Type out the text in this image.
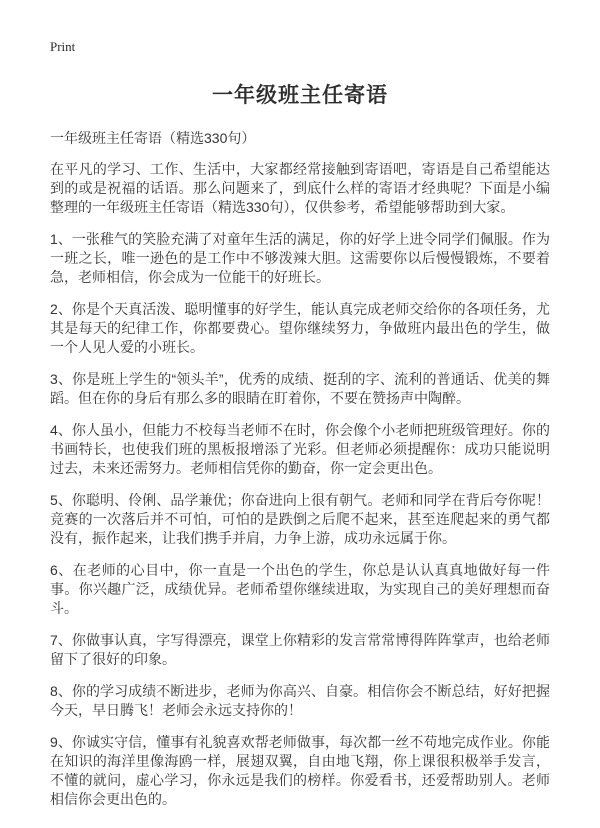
Print
一年级班主任寄语

一年级班主任寄语（精选330句）

在平凡的学习、工作、生活中，大家都经常接触到寄语吧，寄语是自己希望能达到的或是祝福的话语。那么问题来了，到底什么样的寄语才经典呢？下面是小编整理的一年级班主任寄语（精选330句），仅供参考，希望能够帮助到大家。

1、一张稚气的笑脸充满了对童年生活的满足，你的好学上进令同学们佩服。作为一班之长，唯一逊色的是工作中不够泼辣大胆。这需要你以后慢慢锻炼，不要着急，老师相信，你会成为一位能干的好班长。

2、你是个天真活泼、聪明懂事的好学生，能认真完成老师交给你的各项任务，尤其是每天的纪律工作，你都要费心。望你继续努力，争做班内最出色的学生，做一个人见人爱的小班长。

3、你是班上学生的“领头羊”，优秀的成绩、挺刮的字、流利的普通话、优美的舞蹈。但在你的身后有那么多的眼睛在盯着你，不要在赞扬声中陶醉。

4、你人虽小，但能力不校每当老师不在时，你会像个小老师把班级管理好。你的书画特长，也使我们班的黑板报增添了光彩。但老师必须提醒你：成功只能说明过去，未来还需努力。老师相信凭你的勤奋，你一定会更出色。

5、你聪明、伶俐、品学兼优；你奋进向上很有朝气。老师和同学在背后夸你呢！竞赛的一次落后并不可怕，可怕的是跌倒之后爬不起来，甚至连爬起来的勇气都没有，振作起来，让我们携手并肩，力争上游，成功永远属于你。

6、在老师的心目中，你一直是一个出色的学生，你总是认认真真地做好每一件事。你兴趣广泛，成绩优异。老师希望你继续进取，为实现自己的美好理想而奋斗。

7、你做事认真，字写得漂亮，课堂上你精彩的发言常常博得阵阵掌声，也给老师留下了很好的印象。

8、你的学习成绩不断进步，老师为你高兴、自豪。相信你会不断总结，好好把握今天，早日腾飞！老师会永远支持你的！

9、你诚实守信，懂事有礼貌喜欢帮老师做事，每次都一丝不苟地完成作业。你能在知识的海洋里像海鸥一样，展翅双翼，自由地飞翔，你上课很积极举手发言，不懂的就问，虚心学习，你永远是我们的榜样。你爱看书，还爱帮助别人。老师相信你会更出色的。
